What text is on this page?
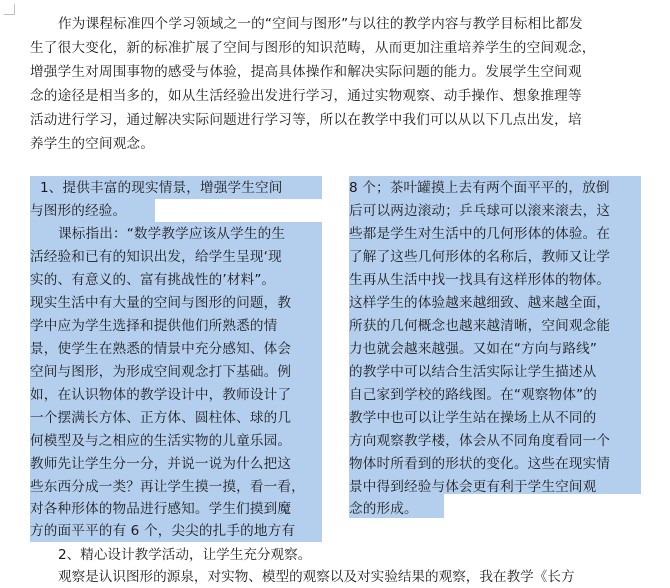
作为课程标准四个学习领域之一的“空间与图形”与以往的教学内容与教学目标相比都发
生了很大变化，新的标准扩展了空间与图形的知识范畴，从而更加注重培养学生的空间观念，
增强学生对周围事物的感受与体验，提高具体操作和解决实际问题的能力。发展学生空间观
念的途径是相当多的，如从生活经验出发进行学习，通过实物观察、动手操作、想象推理等
活动进行学习，通过解决实际问题进行学习等，所以在教学中我们可以从以下几点出发，培
养学生的空间观念。
1、提供丰富的现实情景，增强学生空间
与图形的经验。
课标指出：“数学教学应该从学生的生
活经验和已有的知识出发，给学生呈现‘现
实的、有意义的、富有挑战性的’材料”。
现实生活中有大量的空间与图形的问题，教
学中应为学生选择和提供他们所熟悉的情
景，使学生在熟悉的情景中充分感知、体会
空间与图形，为形成空间观念打下基础。例
如，在认识物体的教学设计中，教师设计了
一个摆满长方体、正方体、圆柱体、球的几
何模型及与之相应的生活实物的儿童乐园。
教师先让学生分一分，并说一说为什么把这
些东西分成一类？再让学生摸一摸，看一看，
对各种形体的物品进行感知。学生们摸到魔
方的面平平的有 6 个，尖尖的扎手的地方有
8 个；茶叶罐摸上去有两个面平平的，放倒
后可以两边滚动；乒乓球可以滚来滚去，这
些都是学生对生活中的几何形体的体验。在
了解了这些几何形体的名称后，教师又让学
生再从生活中找一找具有这样形体的物体。
这样学生的体验越来越细致、越来越全面，
所获的几何概念也越来越清晰，空间观念能
力也就会越来越强。又如在“方向与路线”
的教学中可以结合生活实际让学生描述从
自己家到学校的路线图。在“观察物体”的
教学中也可以让学生站在操场上从不同的
方向观察教学楼，体会从不同角度看同一个
物体时所看到的形状的变化。这些在现实情
景中得到经验与体会更有利于学生空间观
念的形成。
2、精心设计教学活动，让学生充分观察。
观察是认识图形的源泉，对实物、模型的观察以及对实验结果的观察，我在教学《长方
